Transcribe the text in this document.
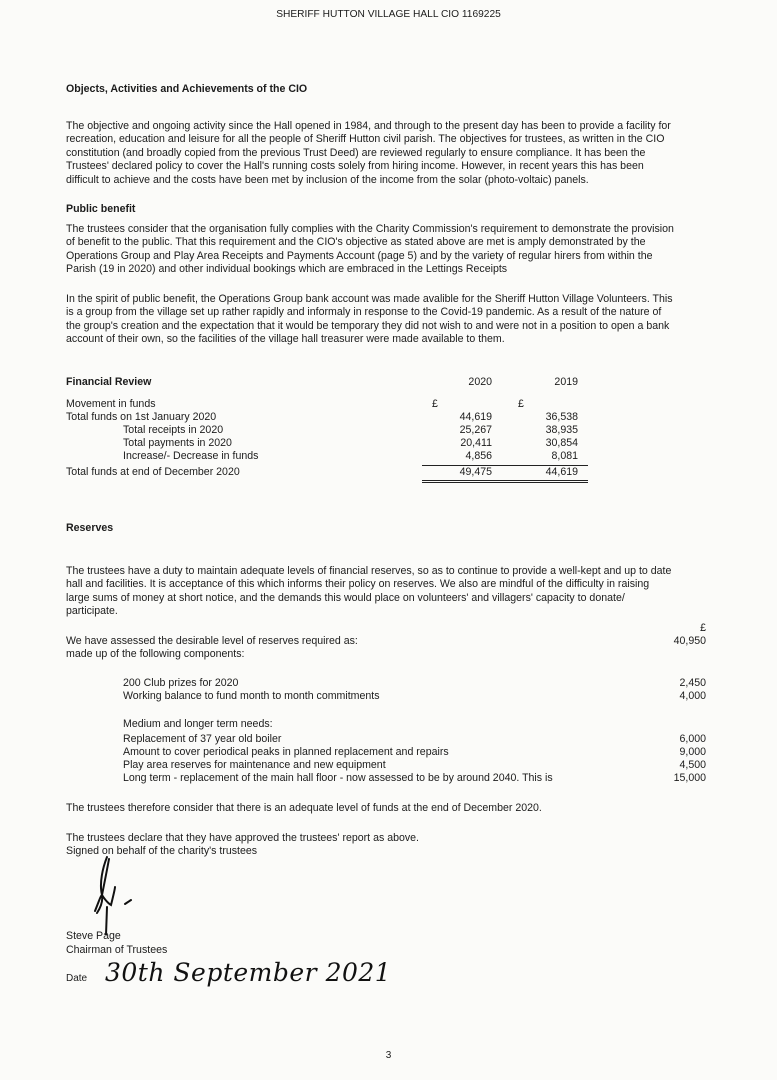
SHERIFF HUTTON VILLAGE HALL CIO 1169225
Objects, Activities and Achievements of the CIO
The objective and ongoing activity since the Hall opened in 1984, and through to the present day has been to provide a facility for
recreation, education and leisure for all the people of Sheriff Hutton civil parish. The objectives for trustees, as written in the CIO
constitution (and broadly copied from the previous Trust Deed) are reviewed regularly to ensure compliance. It has been the
Trustees' declared policy to cover the Hall's running costs solely from hiring income. However, in recent years this has been
difficult to achieve and the costs have been met by inclusion of the income from the solar (photo-voltaic) panels.
Public benefit
The trustees consider that the organisation fully complies with the Charity Commission's requirement to demonstrate the provision
of benefit to the public. That this requirement and the CIO's objective as stated above are met is amply demonstrated by the
Operations Group and Play Area Receipts and Payments Account (page 5) and by the variety of regular hirers from within the
Parish (19 in 2020) and other individual bookings which are embraced in the Lettings Receipts
In the spirit of public benefit, the Operations Group bank account was made avalible for the Sheriff Hutton Village Volunteers. This
is a group from the village set up rather rapidly and informaly in response to the Covid-19 pandemic. As a result of the nature of
the group's creation and the expectation that it would be temporary they did not wish to and were not in a position to open a bank
account of their own, so the facilities of the village hall treasurer were made available to them.
Financial Review	2020	2019
Movement in funds	£	£
Total funds on 1st January 2020	44,619	36,538
Total receipts in 2020	25,267	38,935
Total payments in 2020	20,411	30,854
Increase/- Decrease in funds	4,856	8,081
Total funds at end of December 2020	49,475	44,619
Reserves
The trustees have a duty to maintain adequate levels of financial reserves, so as to continue to provide a well-kept and up to date
hall and facilities. It is acceptance of this which informs their policy on reserves. We also are mindful of the difficulty in raising
large sums of money at short notice, and the demands this would place on volunteers' and villagers' capacity to donate/
participate.
£
We have assessed the desirable level of reserves required as:	40,950
made up of the following components:
200 Club prizes for 2020	2,450
Working balance to fund month to month commitments	4,000
Medium and longer term needs:
Replacement of 37 year old boiler	6,000
Amount to cover periodical peaks in planned replacement and repairs	9,000
Play area reserves for maintenance and new equipment	4,500
Long term - replacement of the main hall floor - now assessed to be by around 2040. This is	15,000
The trustees therefore consider that there is an adequate level of funds at the end of December 2020.
The trustees declare that they have approved the trustees' report as above.
Signed on behalf of the charity's trustees
Steve Page
Chairman of Trustees
Date 30th September 2021
3
